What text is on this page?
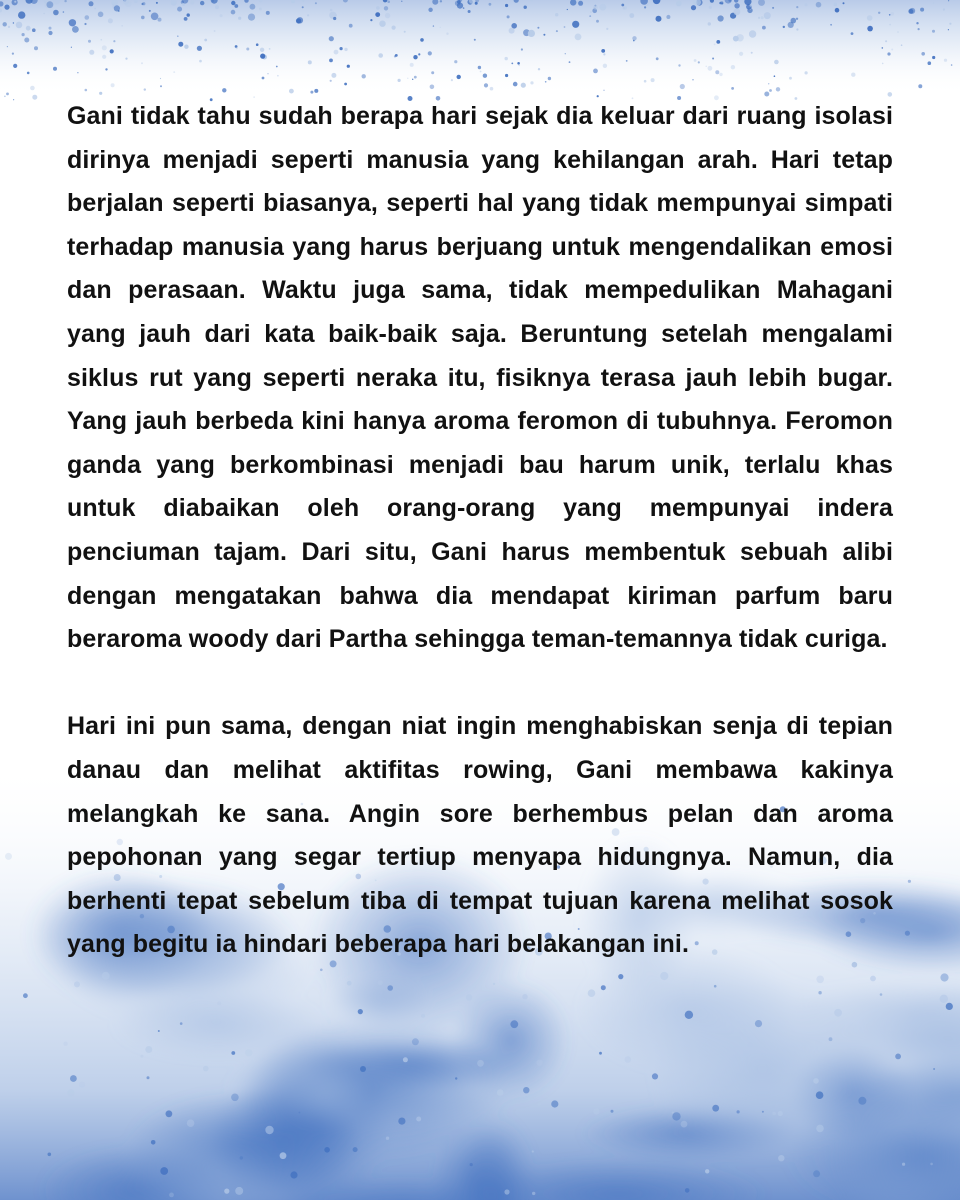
Gani tidak tahu sudah berapa hari sejak dia keluar dari ruang isolasi dirinya menjadi seperti manusia yang kehilangan arah. Hari tetap berjalan seperti biasanya, seperti hal yang tidak mempunyai simpati terhadap manusia yang harus berjuang untuk mengendalikan emosi dan perasaan. Waktu juga sama, tidak mempedulikan Mahagani yang jauh dari kata baik-baik saja. Beruntung setelah mengalami siklus rut yang seperti neraka itu, fisiknya terasa jauh lebih bugar. Yang jauh berbeda kini hanya aroma feromon di tubuhnya. Feromon ganda yang berkombinasi menjadi bau harum unik, terlalu khas untuk diabaikan oleh orang-orang yang mempunyai indera penciuman tajam. Dari situ, Gani harus membentuk sebuah alibi dengan mengatakan bahwa dia mendapat kiriman parfum baru beraroma woody dari Partha sehingga teman-temannya tidak curiga.

Hari ini pun sama, dengan niat ingin menghabiskan senja di tepian danau dan melihat aktifitas rowing, Gani membawa kakinya melangkah ke sana. Angin sore berhembus pelan dan aroma pepohonan yang segar tertiup menyapa hidungnya. Namun, dia berhenti tepat sebelum tiba di tempat tujuan karena melihat sosok yang begitu ia hindari beberapa hari belakangan ini.
